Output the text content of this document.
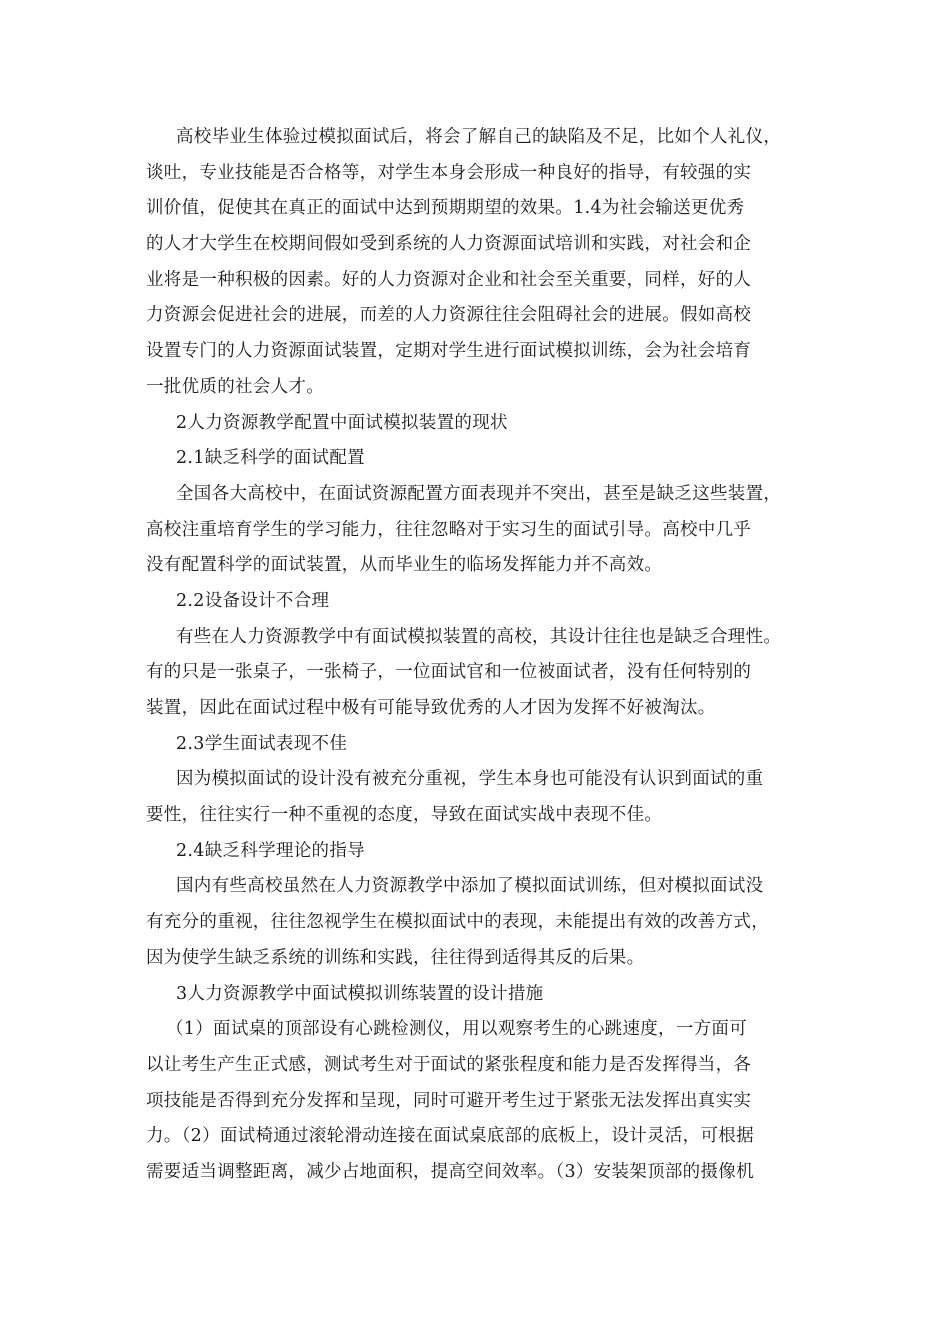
高校毕业生体验过模拟面试后，将会了解自己的缺陷及不足，比如个人礼仪，
谈吐，专业技能是否合格等，对学生本身会形成一种良好的指导，有较强的实
训价值，促使其在真正的面试中达到预期期望的效果。1.4为社会输送更优秀
的人才大学生在校期间假如受到系统的人力资源面试培训和实践，对社会和企
业将是一种积极的因素。好的人力资源对企业和社会至关重要，同样，好的人
力资源会促进社会的进展，而差的人力资源往往会阻碍社会的进展。假如高校
设置专门的人力资源面试装置，定期对学生进行面试模拟训练，会为社会培育
一批优质的社会人才。
2人力资源教学配置中面试模拟装置的现状
2.1缺乏科学的面试配置
全国各大高校中，在面试资源配置方面表现并不突出，甚至是缺乏这些装置，
高校注重培育学生的学习能力，往往忽略对于实习生的面试引导。高校中几乎
没有配置科学的面试装置，从而毕业生的临场发挥能力并不高效。
2.2设备设计不合理
有些在人力资源教学中有面试模拟装置的高校，其设计往往也是缺乏合理性。
有的只是一张桌子，一张椅子，一位面试官和一位被面试者，没有任何特别的
装置，因此在面试过程中极有可能导致优秀的人才因为发挥不好被淘汰。
2.3学生面试表现不佳
因为模拟面试的设计没有被充分重视，学生本身也可能没有认识到面试的重
要性，往往实行一种不重视的态度，导致在面试实战中表现不佳。
2.4缺乏科学理论的指导
国内有些高校虽然在人力资源教学中添加了模拟面试训练，但对模拟面试没
有充分的重视，往往忽视学生在模拟面试中的表现，未能提出有效的改善方式，
因为使学生缺乏系统的训练和实践，往往得到适得其反的后果。
3人力资源教学中面试模拟训练装置的设计措施
（1）面试桌的顶部设有心跳检测仪，用以观察考生的心跳速度，一方面可
以让考生产生正式感，测试考生对于面试的紧张程度和能力是否发挥得当，各
项技能是否得到充分发挥和呈现，同时可避开考生过于紧张无法发挥出真实实
力。（2）面试椅通过滚轮滑动连接在面试桌底部的底板上，设计灵活，可根据
需要适当调整距离，减少占地面积，提高空间效率。（3）安装架顶部的摄像机
